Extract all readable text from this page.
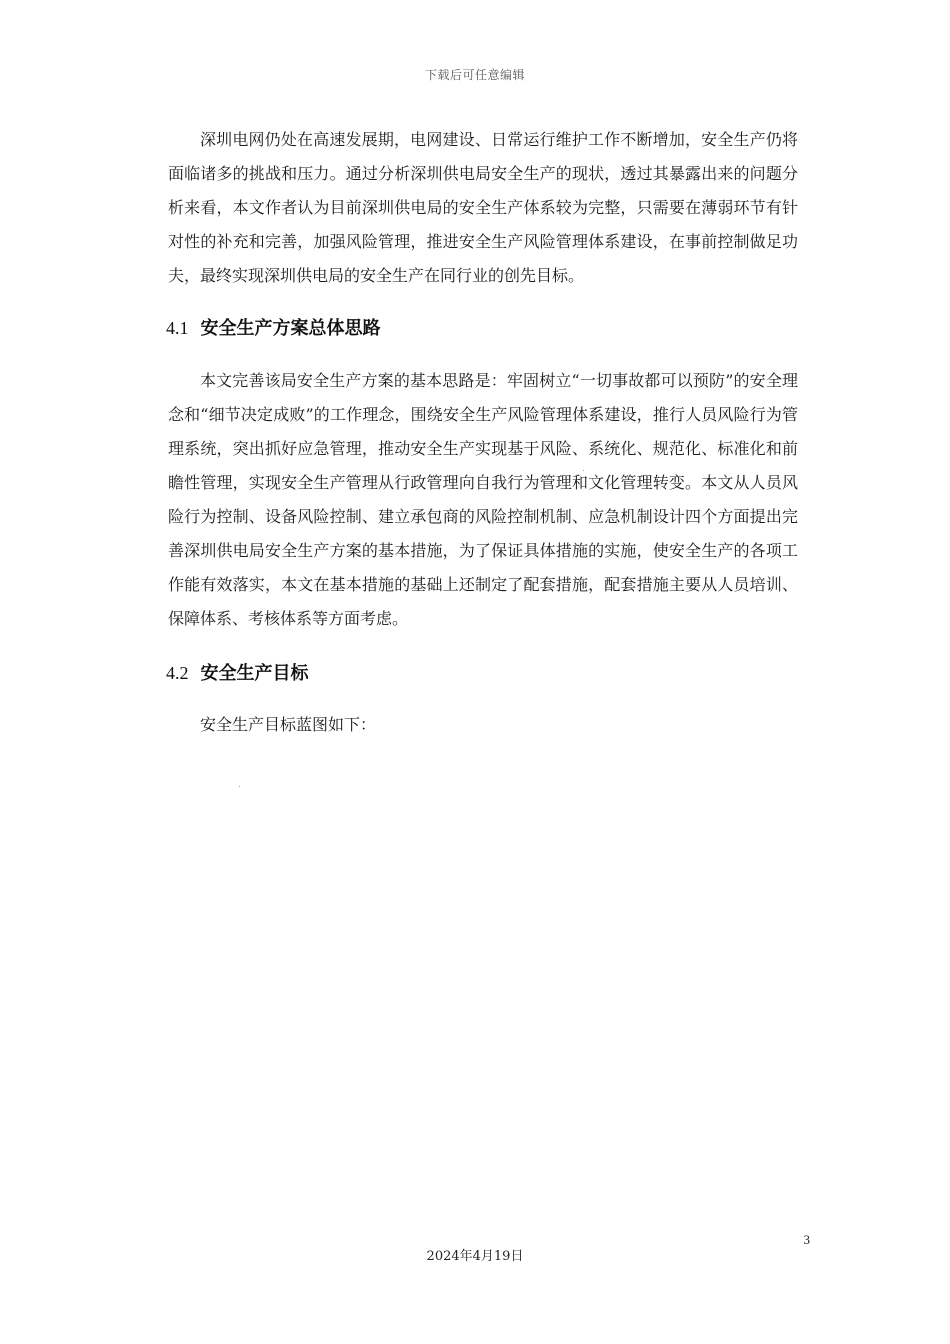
下载后可任意编辑

深圳电网仍处在高速发展期，电网建设、日常运行维护工作不断增加，安全生产仍将面临诸多的挑战和压力。通过分析深圳供电局安全生产的现状，透过其暴露出来的问题分析来看，本文作者认为目前深圳供电局的安全生产体系较为完整，只需要在薄弱环节有针对性的补充和完善，加强风险管理，推进安全生产风险管理体系建设，在事前控制做足功夫，最终实现深圳供电局的安全生产在同行业的创先目标。

4.1 安全生产方案总体思路

本文完善该局安全生产方案的基本思路是：牢固树立“一切事故都可以预防”的安全理念和“细节决定成败”的工作理念，围绕安全生产风险管理体系建设，推行人员风险行为管理系统，突出抓好应急管理，推动安全生产实现基于风险、系统化、规范化、标准化和前瞻性管理，实现安全生产管理从行政管理向自我行为管理和文化管理转变。本文从人员风险行为控制、设备风险控制、建立承包商的风险控制机制、应急机制设计四个方面提出完善深圳供电局安全生产方案的基本措施，为了保证具体措施的实施，使安全生产的各项工作能有效落实，本文在基本措施的基础上还制定了配套措施，配套措施主要从人员培训、保障体系、考核体系等方面考虑。

4.2 安全生产目标

安全生产目标蓝图如下：

3
2024年4月19日
